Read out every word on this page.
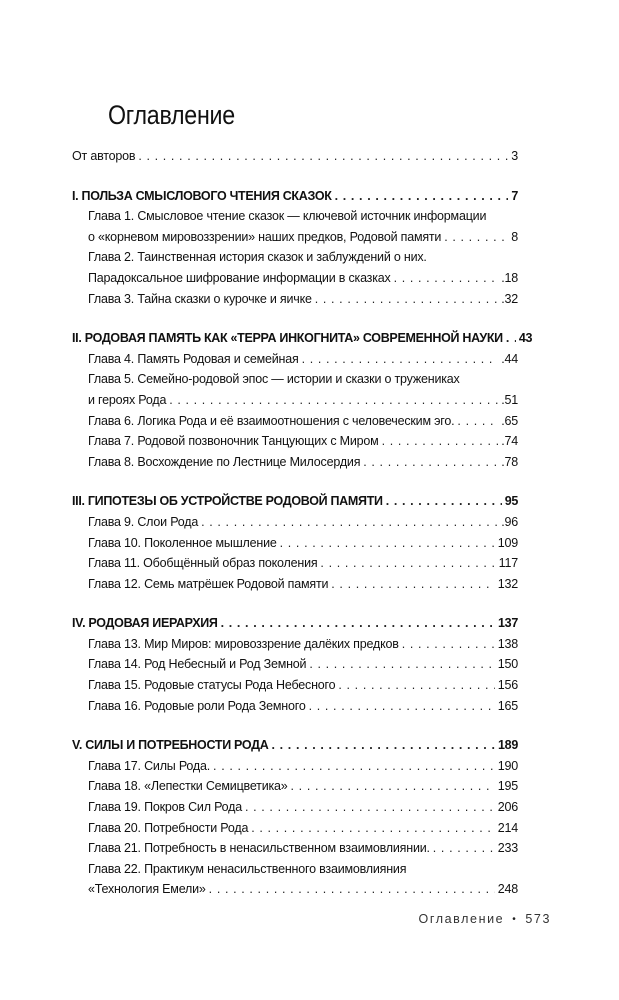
Оглавление
От авторов . . .	3
I. ПОЛЬЗА СМЫСЛОВОГО ЧТЕНИЯ СКАЗОК . . .	7
Глава 1. Смысловое чтение сказок — ключевой источник информации
о «корневом мировоззрении» наших предков, Родовой памяти . . .	8
Глава 2. Таинственная история сказок и заблуждений о них.
Парадоксальное шифрование информации в сказках . . .	.18
Глава 3. Тайна сказки о курочке и яичке . . .	.32
II. РОДОВАЯ ПАМЯТЬ КАК «ТЕРРА ИНКОГНИТА» СОВРЕМЕННОЙ НАУКИ . . . 43
Глава 4. Память Родовая и семейная . . .	.44
Глава 5. Семейно-родовой эпос — истории и сказки о тружениках
и героях Рода . . .	.51
Глава 6. Логика Рода и её взаимоотношения с человеческим эго. . . .	.65
Глава 7. Родовой позвоночник Танцующих с Миром . . .	.74
Глава 8. Восхождение по Лестнице Милосердия . . .	.78
III. ГИПОТЕЗЫ ОБ УСТРОЙСТВЕ РОДОВОЙ ПАМЯТИ . . .	95
Глава 9. Слои Рода . . .	.96
Глава 10. Поколенное мышление . . .	109
Глава 11. Обобщённый образ поколения . . .	117
Глава 12. Семь матрёшек Родовой памяти . . .	132
IV. РОДОВАЯ ИЕРАРХИЯ . . .	137
Глава 13. Мир Миров: мировоззрение далёких предков . . .	138
Глава 14. Род Небесный и Род Земной . . .	150
Глава 15. Родовые статусы Рода Небесного . . .	156
Глава 16. Родовые роли Рода Земного . . .	165
V. СИЛЫ И ПОТРЕБНОСТИ РОДА . . .	189
Глава 17. Силы Рода. . . .	190
Глава 18. «Лепестки Семицветика» . . .	195
Глава 19. Покров Сил Рода . . .	206
Глава 20. Потребности Рода . . .	214
Глава 21. Потребность в ненасильственном взаимовлиянии. . . .	233
Глава 22. Практикум ненасильственного взаимовлияния
«Технология Емели» . . .	248
Оглавление • 573
